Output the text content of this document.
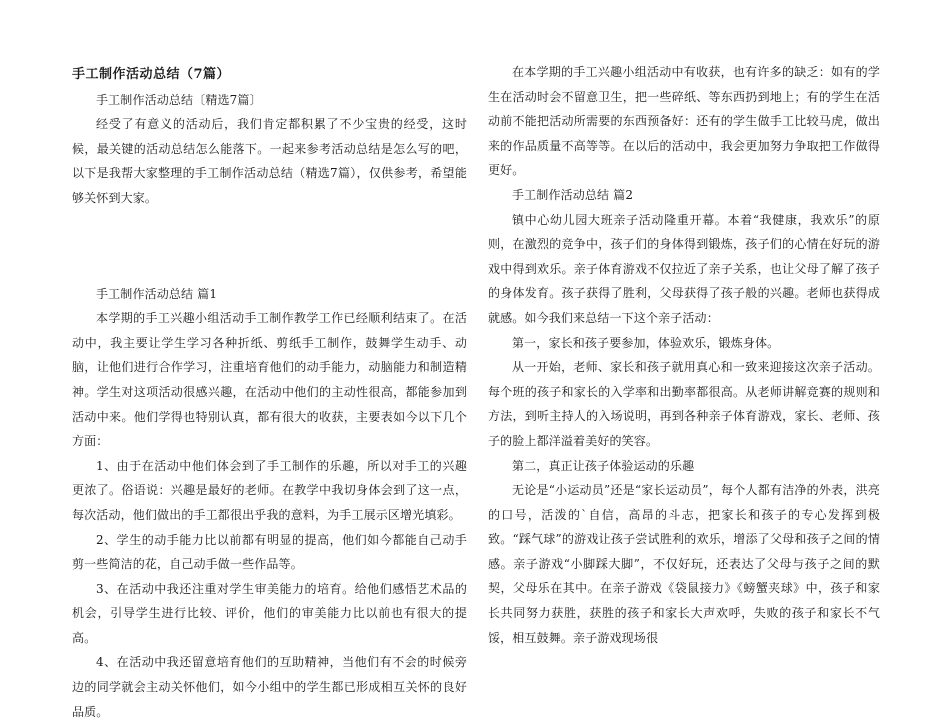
手工制作活动总结（7篇）

手工制作活动总结〔精选7篇〕

经受了有意义的活动后，我们肯定都积累了不少宝贵的经受，这时候，最关键的活动总结怎么能落下。一起来参考活动总结是怎么写的吧，以下是我帮大家整理的手工制作活动总结（精选7篇），仅供参考，希望能够关怀到大家。

手工制作活动总结 篇1

本学期的手工兴趣小组活动手工制作教学工作已经顺利结束了。在活动中，我主要让学生学习各种折纸、剪纸手工制作，鼓舞学生动手、动脑，让他们进行合作学习，注重培育他们的动手能力，动脑能力和制造精神。学生对这项活动很感兴趣，在活动中他们的主动性很高，都能参加到活动中来。他们学得也特别认真，都有很大的收获，主要表如今以下几个方面：

1、由于在活动中他们体会到了手工制作的乐趣，所以对手工的兴趣更浓了。俗语说：兴趣是最好的老师。在教学中我切身体会到了这一点，每次活动，他们做出的手工都很出乎我的意料，为手工展示区增光填彩。

2、学生的动手能力比以前都有明显的提高，他们如今都能自己动手剪一些简洁的花，自己动手做一些作品等。

3、在活动中我还注重对学生审美能力的培育。给他们感悟艺术品的机会，引导学生进行比较、评价，他们的审美能力比以前也有很大的提高。

4、在活动中我还留意培育他们的互助精神，当他们有不会的时候旁边的同学就会主动关怀他们，如今小组中的学生都已形成相互关怀的良好品质。

在本学期的手工兴趣小组活动中有收获，也有许多的缺乏：如有的学生在活动时会不留意卫生，把一些碎纸、等东西扔到地上；有的学生在活动前不能把活动所需要的东西预备好：还有的学生做手工比较马虎，做出来的作品质量不高等等。在以后的活动中，我会更加努力争取把工作做得更好。

手工制作活动总结 篇2

镇中心幼儿园大班亲子活动隆重开幕。本着“我健康，我欢乐”的原则，在激烈的竞争中，孩子们的身体得到锻炼，孩子们的心情在好玩的游戏中得到欢乐。亲子体育游戏不仅拉近了亲子关系，也让父母了解了孩子的身体发育。孩子获得了胜利，父母获得了孩子般的兴趣。老师也获得成就感。如今我们来总结一下这个亲子活动：

第一，家长和孩子要参加，体验欢乐，锻炼身体。

从一开始，老师、家长和孩子就用真心和一致来迎接这次亲子活动。每个班的孩子和家长的入学率和出勤率都很高。从老师讲解竞赛的规则和方法，到听主持人的入场说明，再到各种亲子体育游戏，家长、老师、孩子的脸上都洋溢着美好的笑容。

第二，真正让孩子体验运动的乐趣

无论是“小运动员”还是“家长运动员”，每个人都有洁净的外表，洪亮的口号，活泼的`自信，高昂的斗志，把家长和孩子的专心发挥到极致。“踩气球”的游戏让孩子尝试胜利的欢乐，增添了父母和孩子之间的情感。亲子游戏“小脚踩大脚”，不仅好玩，还表达了父母与孩子之间的默契，父母乐在其中。在亲子游戏《袋鼠接力》《螃蟹夹球》中，孩子和家长共同努力获胜，获胜的孩子和家长大声欢呼，失败的孩子和家长不气馁，相互鼓舞。亲子游戏现场很
